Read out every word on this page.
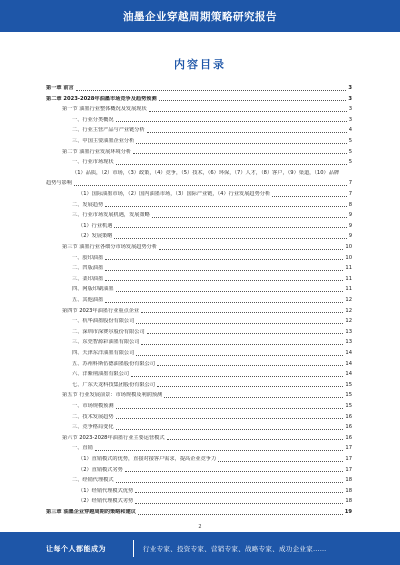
油墨企业穿越周期策略研究报告
内容目录
第一章 前言	3
第二章 2023-2028年油墨市场竞争及趋势预测	3
第一节 油墨行业整体概况及发展现状	3
一、行业分类概况	3
二、行业主营产品与产业链分析	4
三、中国主要油墨企业分析	5
第二节 油墨行业发展环境分析	5
一、行业市场现状	5
（1）品质，（2）市场，（3）政策，（4）竞争，（5）技术，（6）环保，（7）人才，（8）客户，（9）渠道，（10）品牌
趋势与影响	7
（1）国际油墨市场，（2）国内油墨市场，（3）国际产业链，（4）行业发展趋势分析	7
二、发展趋势	8
三、行业市场发展机遇，发展策略	9
（1）行业机遇	9
（2）发展策略	9
第三节 油墨行业各细分市场发展趋势分析	10
一、胶印油墨	10
二、凹版油墨	11
三、柔印油墨	11
四、网版印刷油墨	11
五、其他油墨	12
第四节 2023年油墨行业重点企业	12
一、杭华油墨股份有限公司	12
二、深圳市深赛尔股份有限公司	13
三、东莞智源彩油墨有限公司	13
四、天津东洋油墨有限公司	14
五、苏州科斯伍德油墨股份有限公司	14
六、洋紫荆油墨有限公司	14
七、广东天龙科技集团股份有限公司	15
第五节 行业发展前景：市场规模及利润预测	15
一、市场规模预测	15
二、技术发展趋势	16
三、竞争格局变化	16
第六节 2023-2028年油墨行业主要运营模式	16
一、直销	17
（1）直销模式的优势，直接对接客户需求，提高企业竞争力	17
（2）直销模式劣势	17
二、经销代理模式	18
（1）经销代理模式优势	18
（2）经销代理模式劣势	18
第三章 油墨企业穿越周期的策略和建议	19
2
让每个人都能成为	行业专家、投资专家、营销专家、战略专家、成功企业家……
